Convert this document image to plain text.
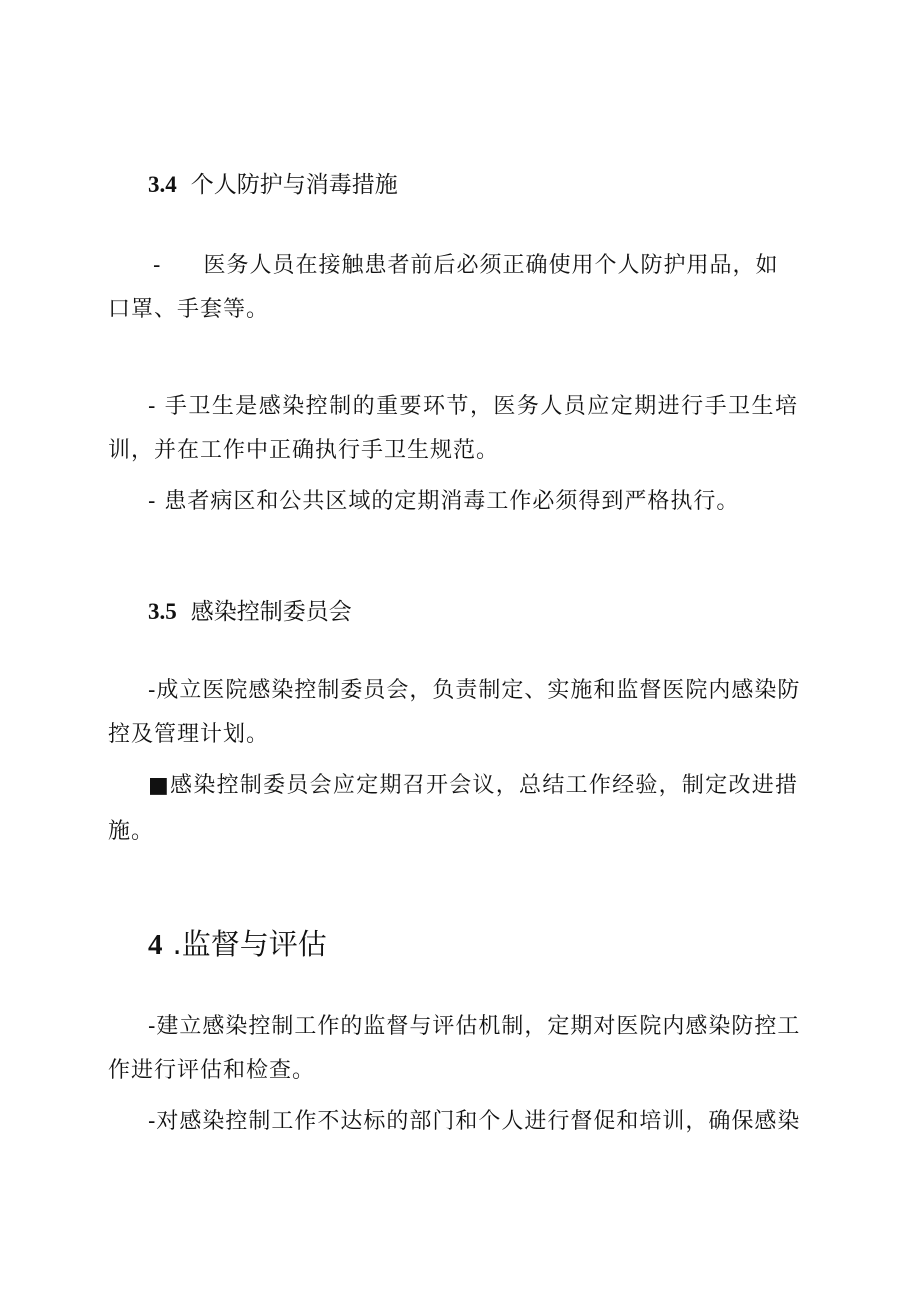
3.4 个人防护与消毒措施
- 医务人员在接触患者前后必须正确使用个人防护用品，如
口罩、手套等。
- 手卫生是感染控制的重要环节，医务人员应定期进行手卫生培
训，并在工作中正确执行手卫生规范。
- 患者病区和公共区域的定期消毒工作必须得到严格执行。
3.5 感染控制委员会
-成立医院感染控制委员会，负责制定、实施和监督医院内感染防
控及管理计划。
■感染控制委员会应定期召开会议，总结工作经验，制定改进措
施。
4 .监督与评估
-建立感染控制工作的监督与评估机制，定期对医院内感染防控工
作进行评估和检查。
-对感染控制工作不达标的部门和个人进行督促和培训，确保感染
